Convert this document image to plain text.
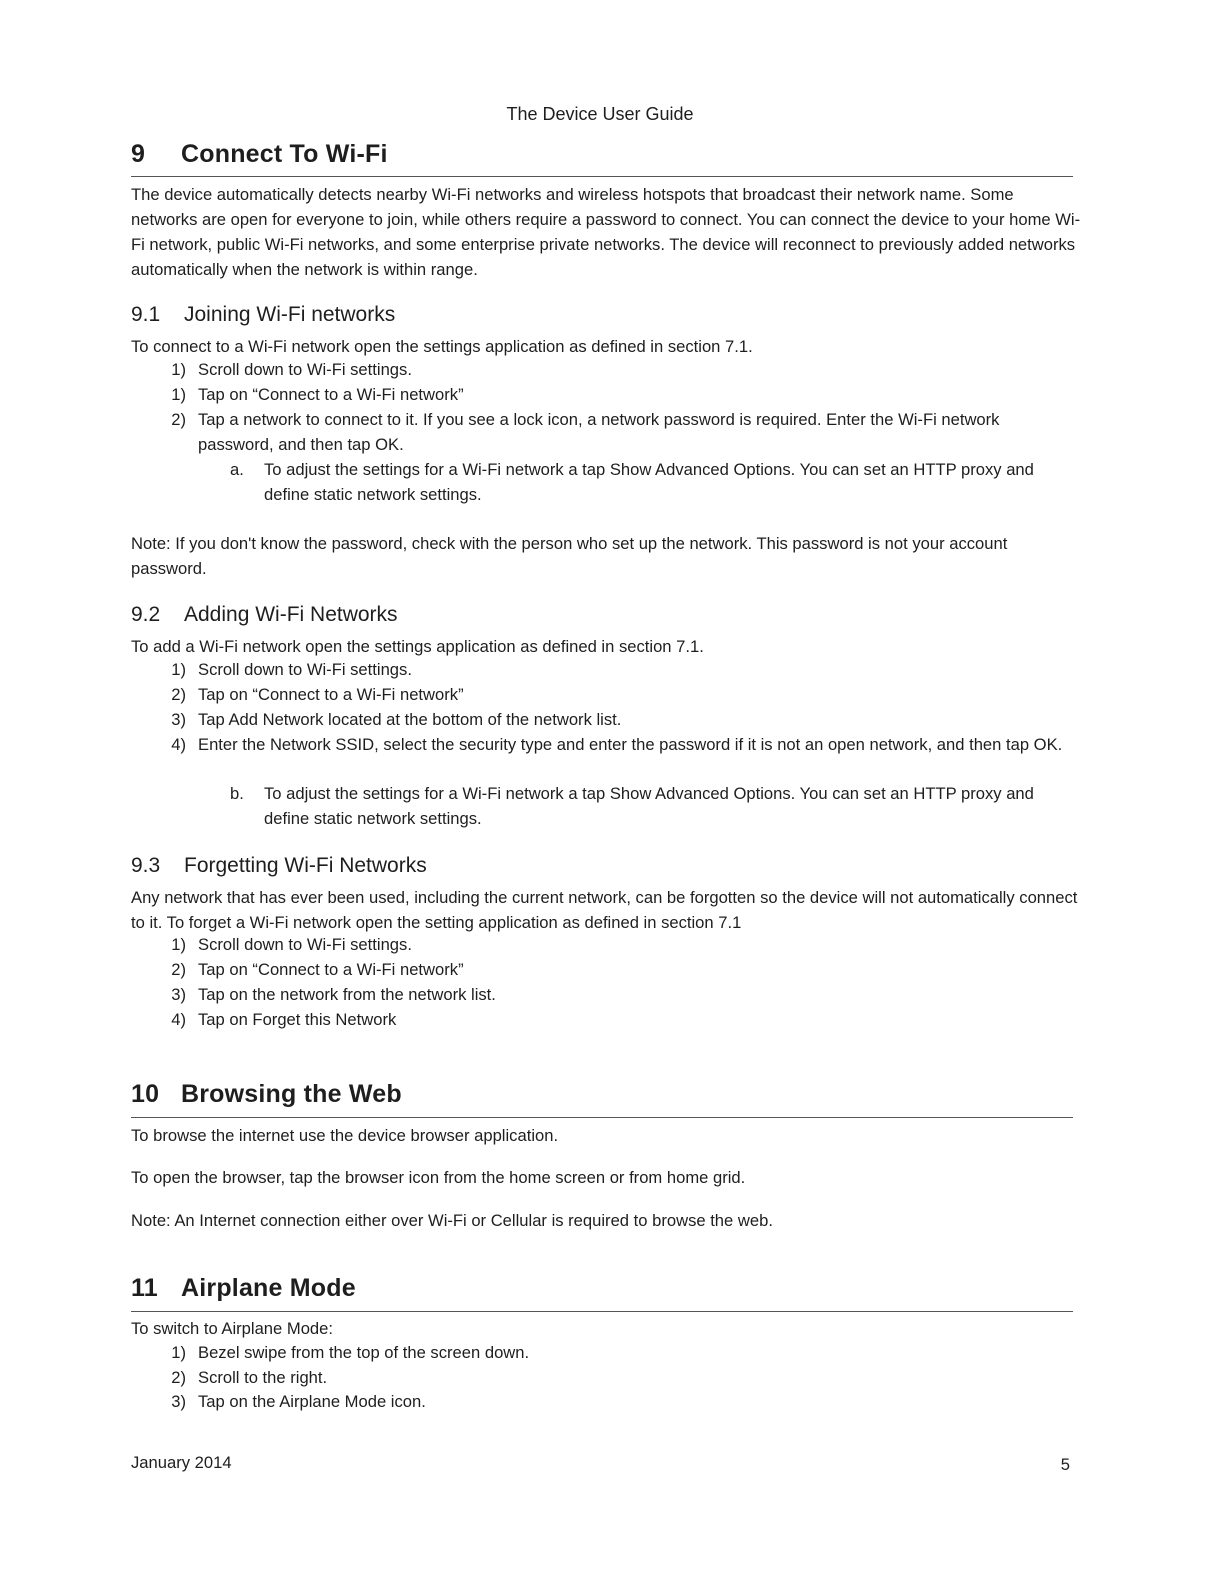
The Device User Guide
9 Connect To Wi-Fi
The device automatically detects nearby Wi-Fi networks and wireless hotspots that broadcast their network name. Some networks are open for everyone to join, while others require a password to connect. You can connect the device to your home Wi-Fi network, public Wi-Fi networks, and some enterprise private networks. The device will reconnect to previously added networks automatically when the network is within range.
9.1 Joining Wi-Fi networks
To connect to a Wi-Fi network open the settings application as defined in section 7.1.
1) Scroll down to Wi-Fi settings.
1) Tap on “Connect to a Wi-Fi network”
2) Tap a network to connect to it. If you see a lock icon, a network password is required. Enter the Wi-Fi network password, and then tap OK.
a. To adjust the settings for a Wi-Fi network a tap Show Advanced Options. You can set an HTTP proxy and define static network settings.
Note: If you don't know the password, check with the person who set up the network. This password is not your account password.
9.2 Adding Wi-Fi Networks
To add a Wi-Fi network open the settings application as defined in section 7.1.
1) Scroll down to Wi-Fi settings.
2) Tap on “Connect to a Wi-Fi network”
3) Tap Add Network located at the bottom of the network list.
4) Enter the Network SSID, select the security type and enter the password if it is not an open network, and then tap OK.
b. To adjust the settings for a Wi-Fi network a tap Show Advanced Options. You can set an HTTP proxy and define static network settings.
9.3 Forgetting Wi-Fi Networks
Any network that has ever been used, including the current network, can be forgotten so the device will not automatically connect to it. To forget a Wi-Fi network open the setting application as defined in section 7.1
1) Scroll down to Wi-Fi settings.
2) Tap on “Connect to a Wi-Fi network”
3) Tap on the network from the network list.
4) Tap on Forget this Network
10 Browsing the Web
To browse the internet use the device browser application.
To open the browser, tap the browser icon from the home screen or from home grid.
Note: An Internet connection either over Wi-Fi or Cellular is required to browse the web.
11 Airplane Mode
To switch to Airplane Mode:
1) Bezel swipe from the top of the screen down.
2) Scroll to the right.
3) Tap on the Airplane Mode icon.
January 2014	5
